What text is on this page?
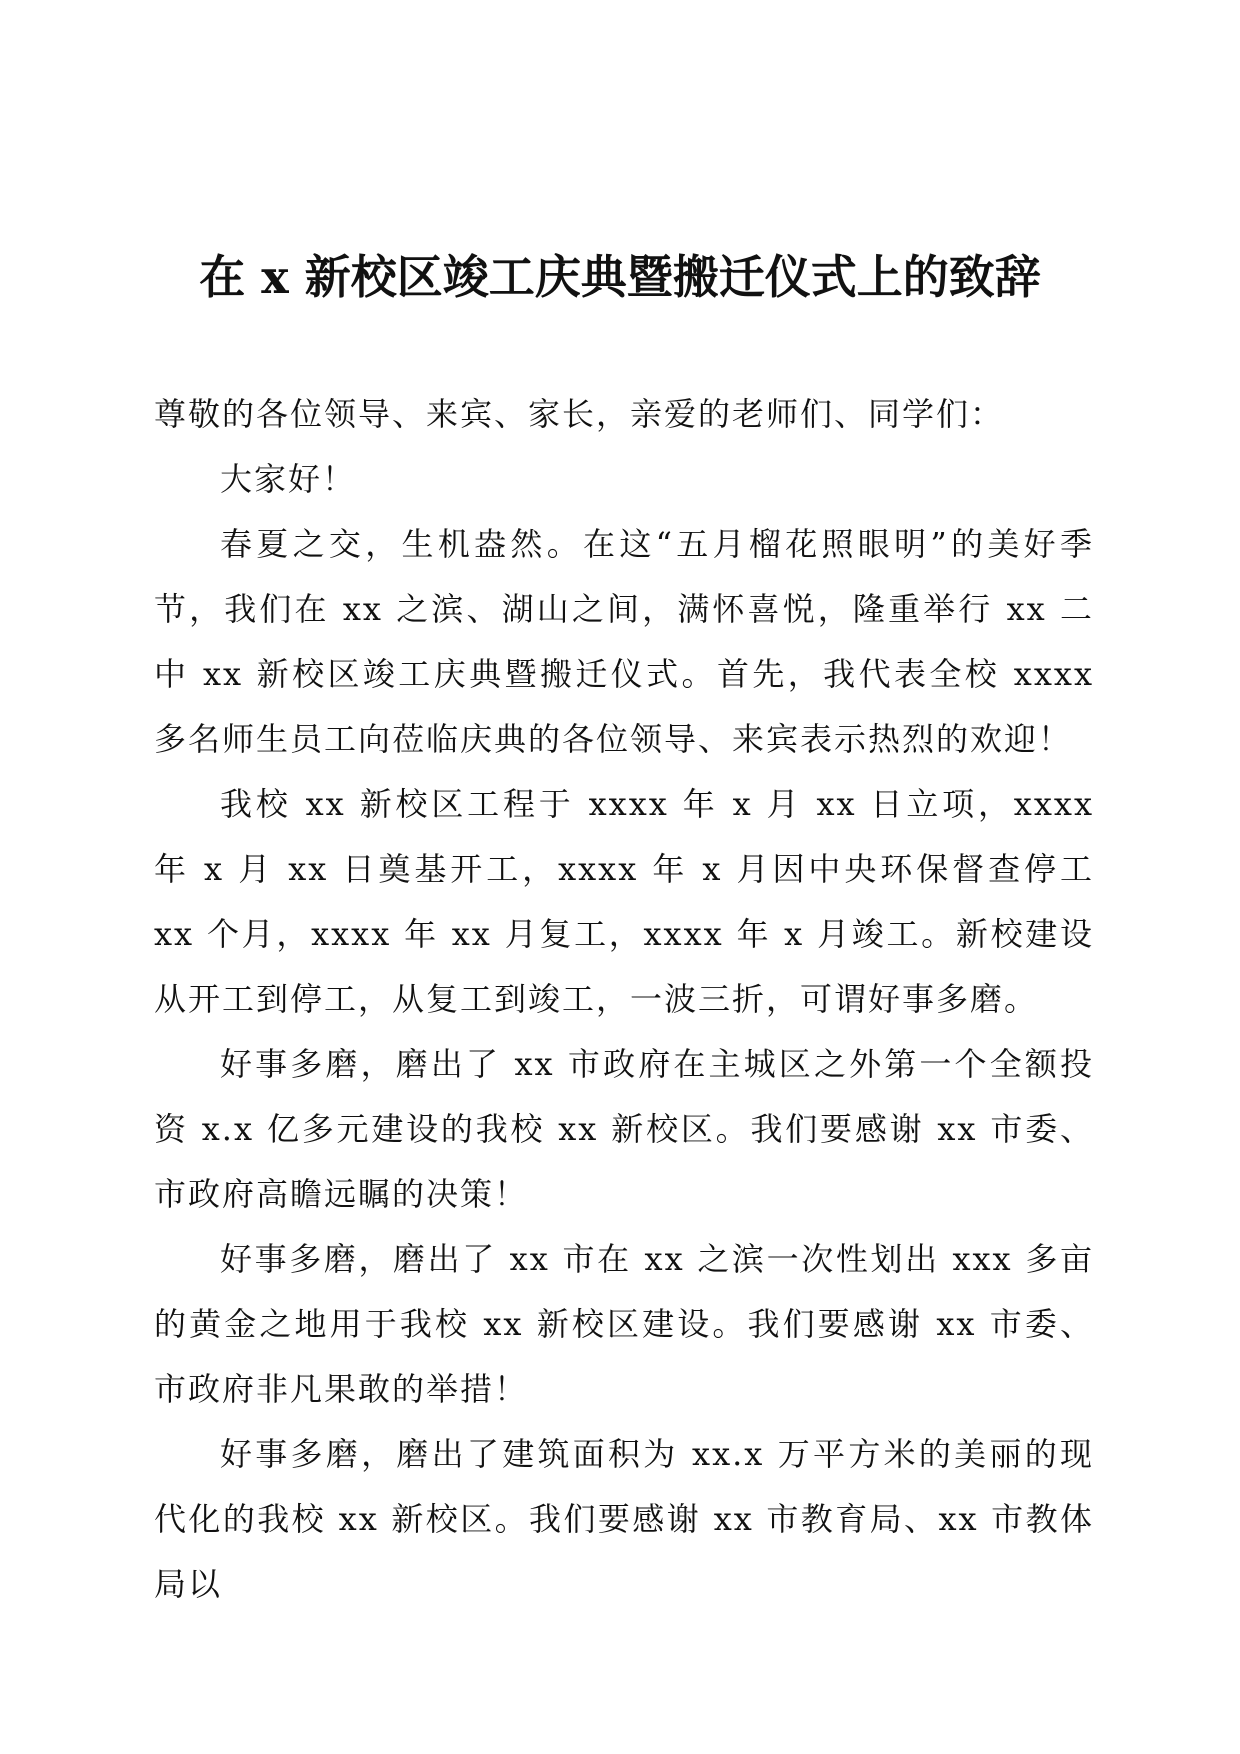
在 x 新校区竣工庆典暨搬迁仪式上的致辞

尊敬的各位领导、来宾、家长，亲爱的老师们、同学们：

大家好！

春夏之交，生机盎然。在这“五月榴花照眼明”的美好季节，我们在 xx 之滨、湖山之间，满怀喜悦，隆重举行 xx 二中 xx 新校区竣工庆典暨搬迁仪式。首先，我代表全校 xxxx 多名师生员工向莅临庆典的各位领导、来宾表示热烈的欢迎！

我校 xx 新校区工程于 xxxx 年 x 月 xx 日立项，xxxx 年 x 月 xx 日奠基开工，xxxx 年 x 月因中央环保督查停工 xx 个月，xxxx 年 xx 月复工，xxxx 年 x 月竣工。新校建设从开工到停工，从复工到竣工，一波三折，可谓好事多磨。

好事多磨，磨出了 xx 市政府在主城区之外第一个全额投资 x.x 亿多元建设的我校 xx 新校区。我们要感谢 xx 市委、市政府高瞻远瞩的决策！

好事多磨，磨出了 xx 市在 xx 之滨一次性划出 xxx 多亩的黄金之地用于我校 xx 新校区建设。我们要感谢 xx 市委、市政府非凡果敢的举措！

好事多磨，磨出了建筑面积为 xx.x 万平方米的美丽的现代化的我校 xx 新校区。我们要感谢 xx 市教育局、xx 市教体局以
